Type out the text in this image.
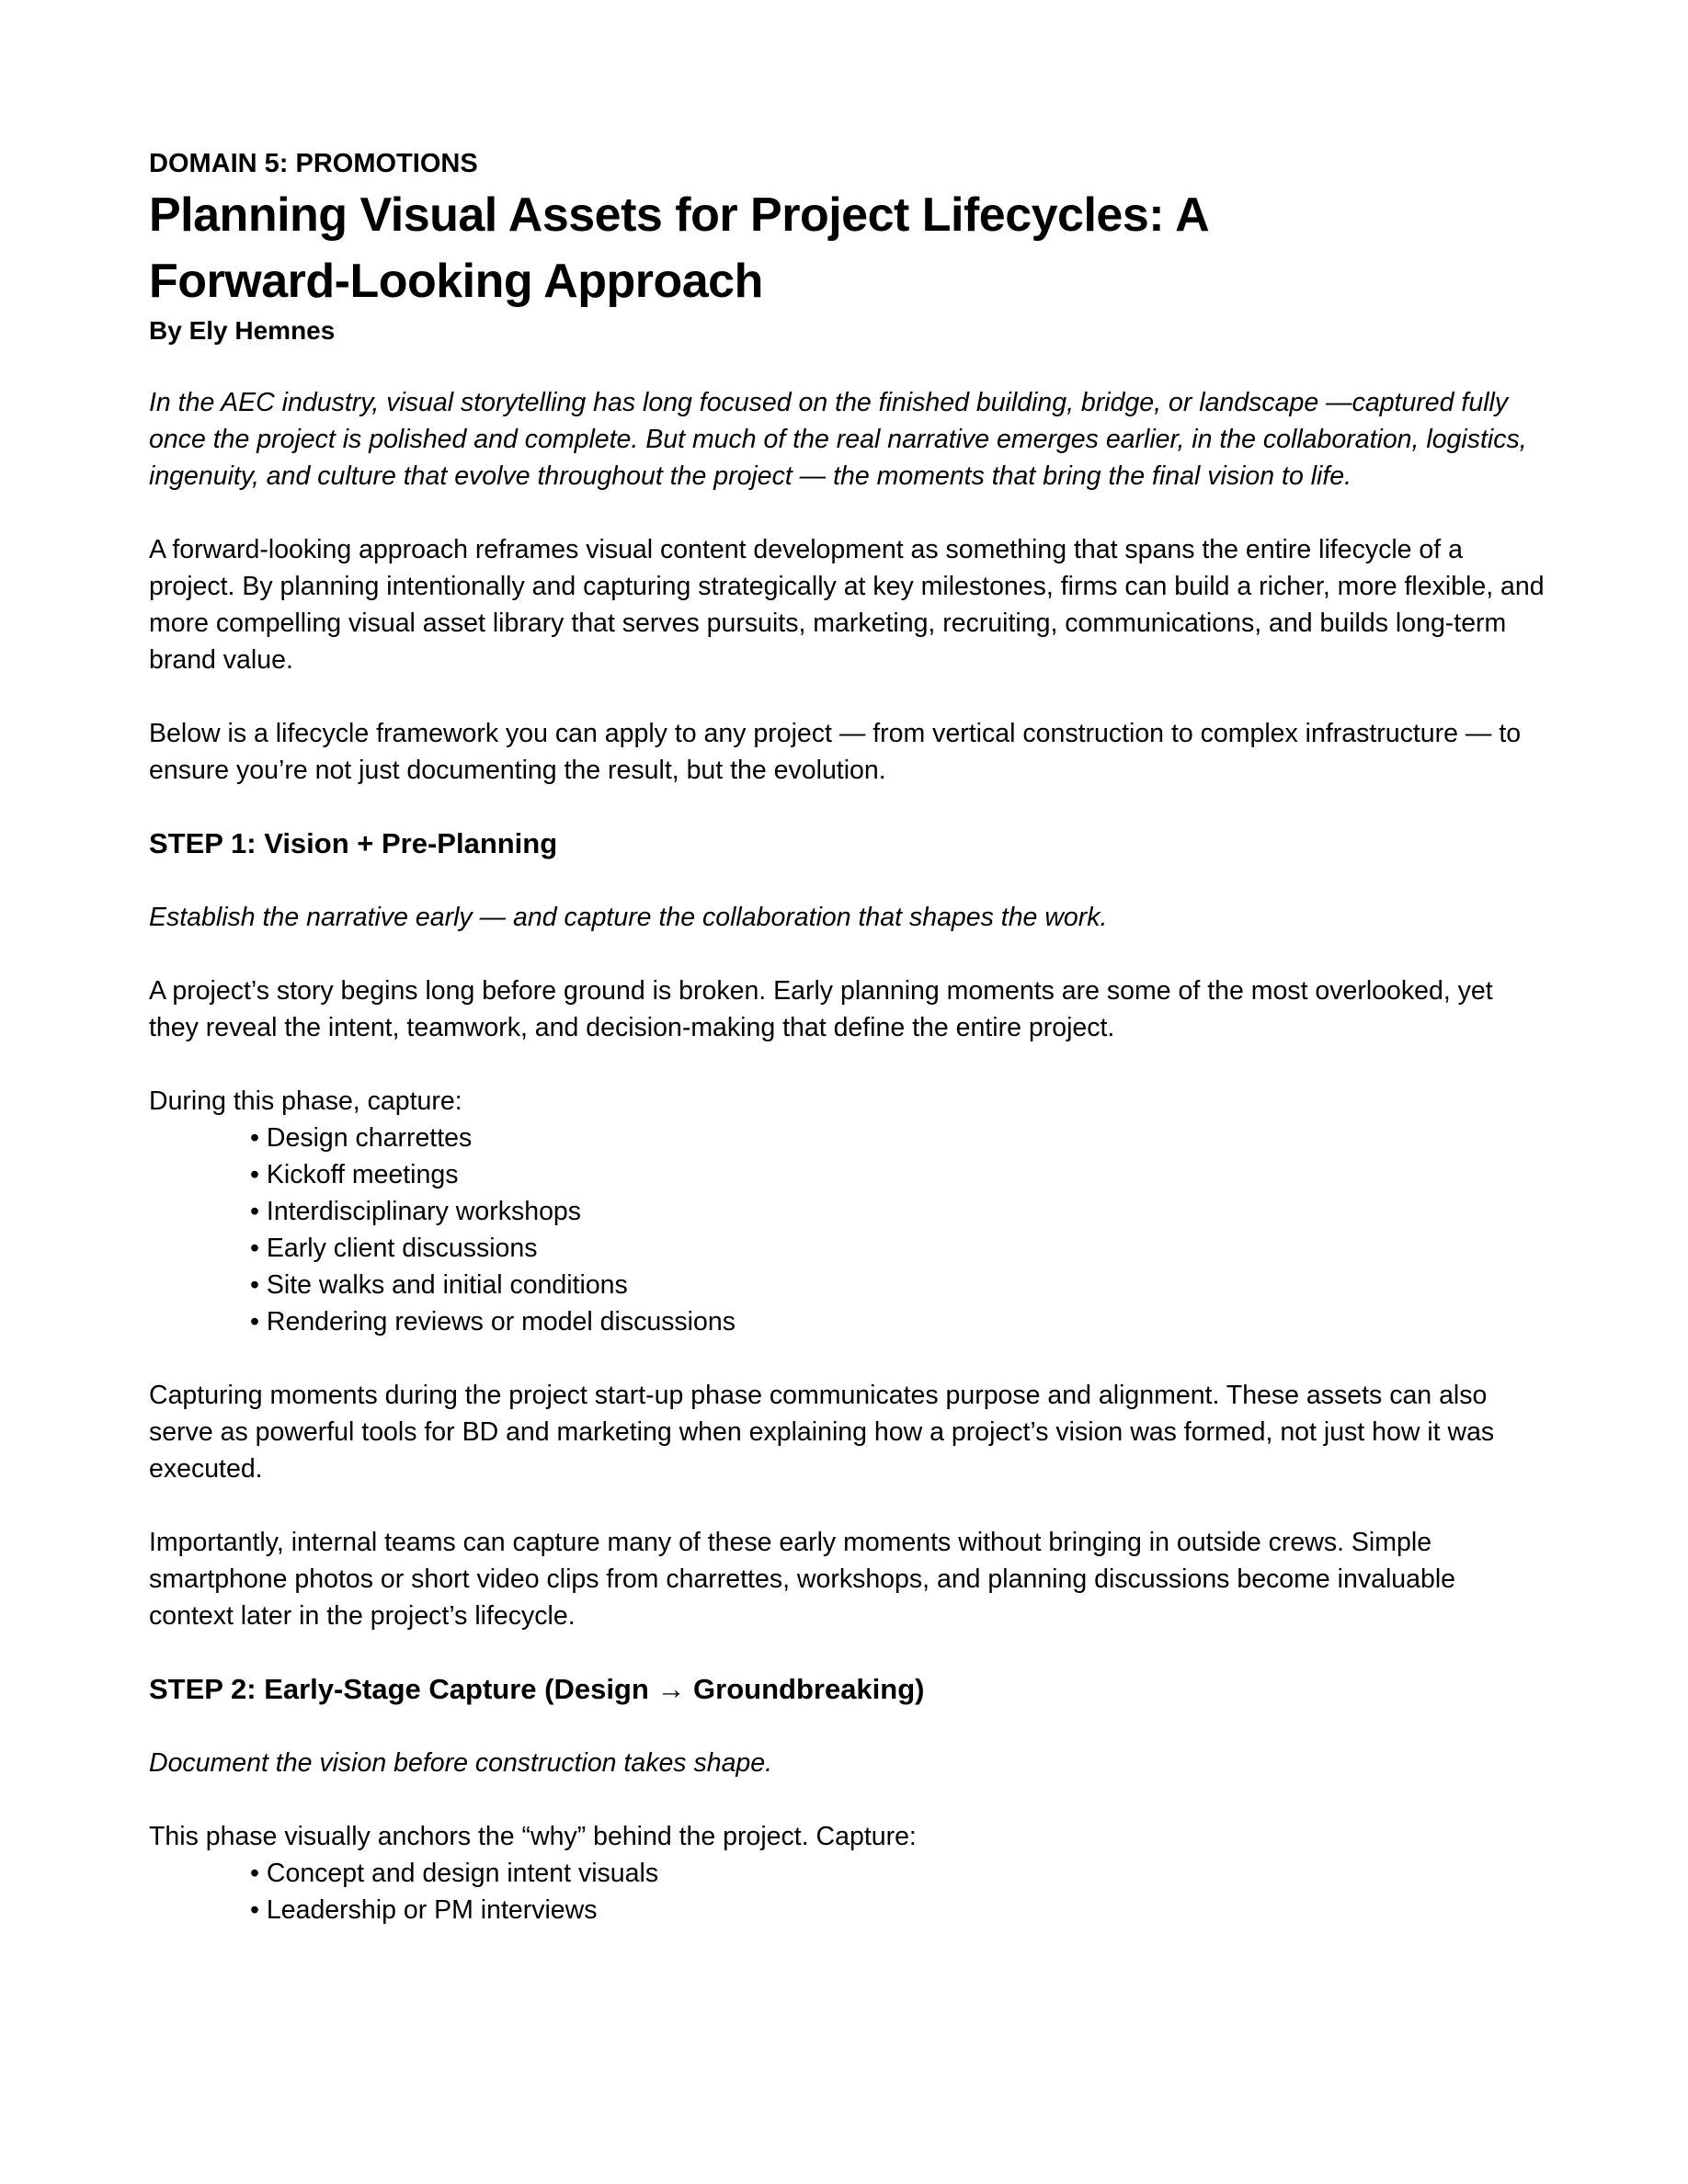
DOMAIN 5: PROMOTIONS
Planning Visual Assets for Project Lifecycles: A
Forward-Looking Approach
By Ely Hemnes

In the AEC industry, visual storytelling has long focused on the finished building, bridge, or landscape —captured fully once the project is polished and complete. But much of the real narrative emerges earlier, in the collaboration, logistics, ingenuity, and culture that evolve throughout the project — the moments that bring the final vision to life.

A forward-looking approach reframes visual content development as something that spans the entire lifecycle of a project. By planning intentionally and capturing strategically at key milestones, firms can build a richer, more flexible, and more compelling visual asset library that serves pursuits, marketing, recruiting, communications, and builds long-term brand value.

Below is a lifecycle framework you can apply to any project — from vertical construction to complex infrastructure — to ensure you’re not just documenting the result, but the evolution.

STEP 1: Vision + Pre-Planning

Establish the narrative early — and capture the collaboration that shapes the work.

A project’s story begins long before ground is broken. Early planning moments are some of the most overlooked, yet they reveal the intent, teamwork, and decision-making that define the entire project.

During this phase, capture:

• Design charrettes
• Kickoff meetings
• Interdisciplinary workshops
• Early client discussions
• Site walks and initial conditions
• Rendering reviews or model discussions

Capturing moments during the project start-up phase communicates purpose and alignment. These assets can also serve as powerful tools for BD and marketing when explaining how a project’s vision was formed, not just how it was executed.

Importantly, internal teams can capture many of these early moments without bringing in outside crews. Simple smartphone photos or short video clips from charrettes, workshops, and planning discussions become invaluable context later in the project’s lifecycle.

STEP 2: Early-Stage Capture (Design → Groundbreaking)

Document the vision before construction takes shape.

This phase visually anchors the “why” behind the project. Capture:

• Concept and design intent visuals
• Leadership or PM interviews
